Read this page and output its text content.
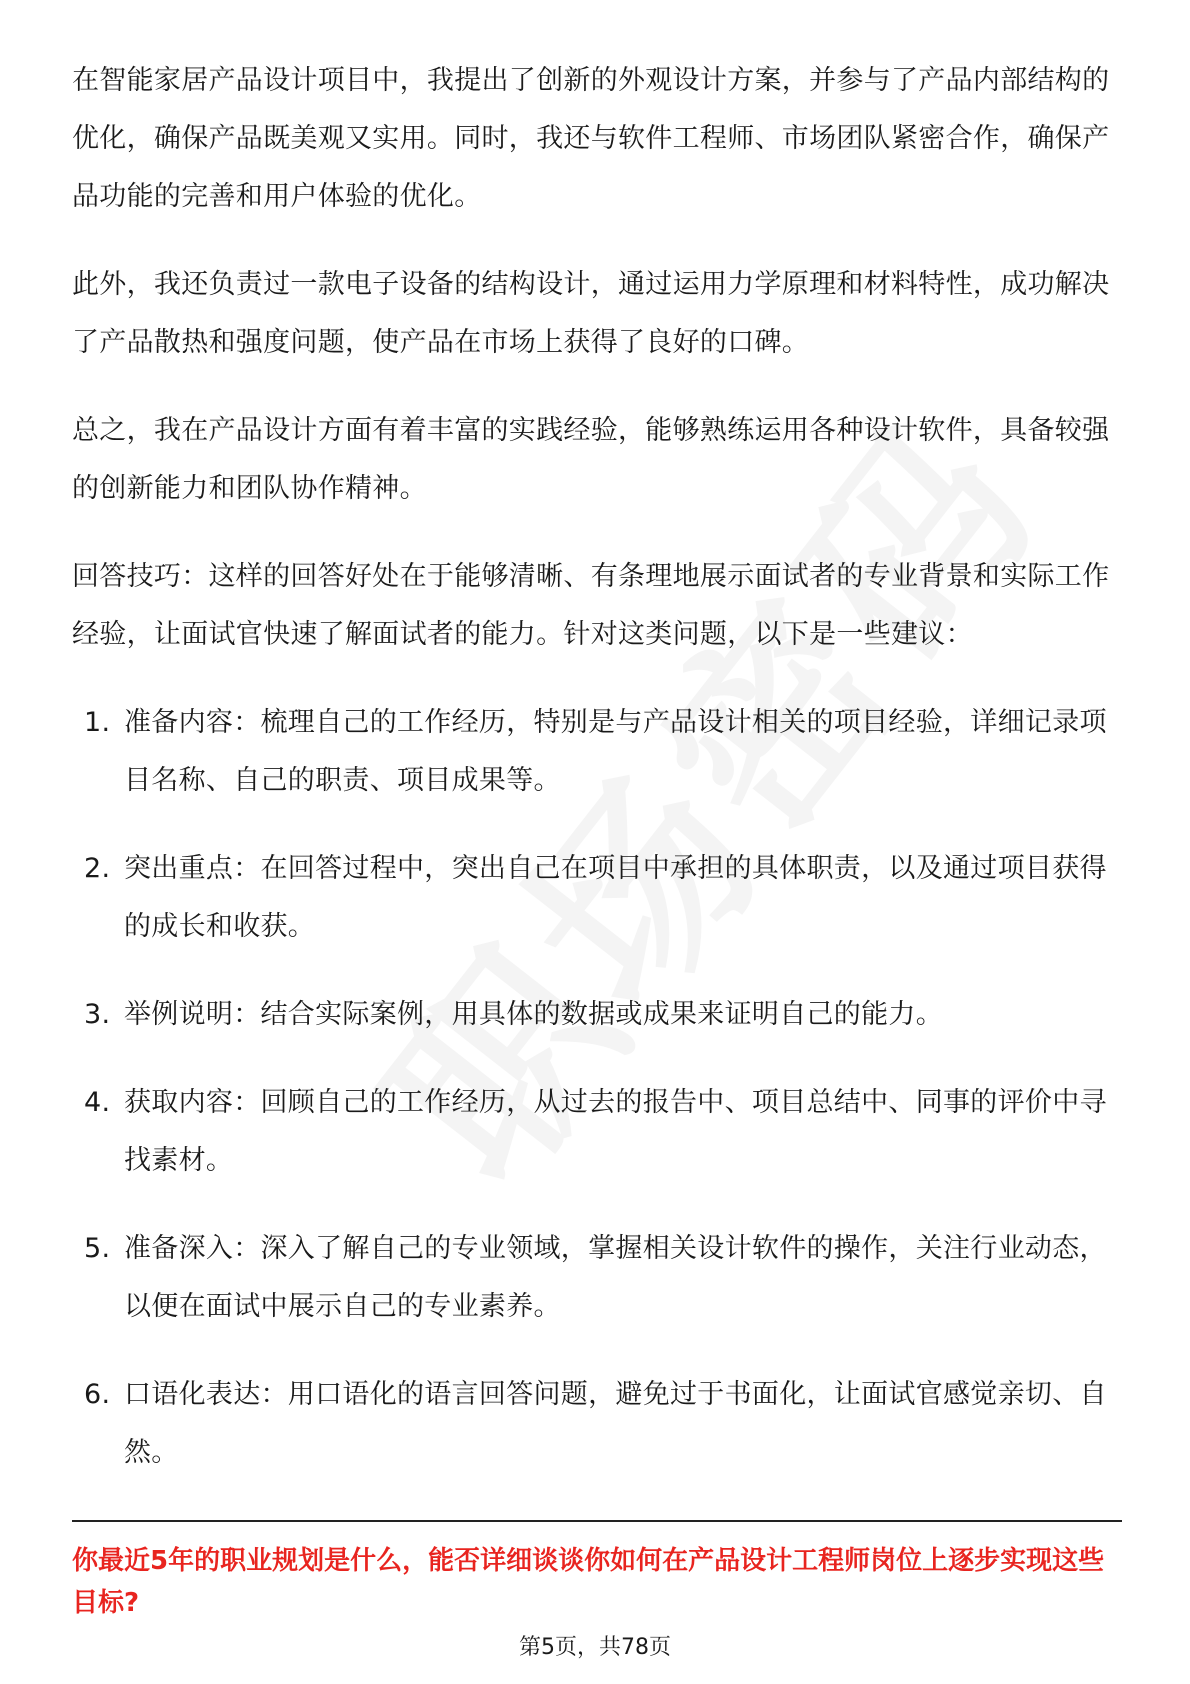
在智能家居产品设计项目中，我提出了创新的外观设计方案，并参与了产品内部结构的优化，确保产品既美观又实用。同时，我还与软件工程师、市场团队紧密合作，确保产品功能的完善和用户体验的优化。

此外，我还负责过一款电子设备的结构设计，通过运用力学原理和材料特性，成功解决了产品散热和强度问题，使产品在市场上获得了良好的口碑。

总之，我在产品设计方面有着丰富的实践经验，能够熟练运用各种设计软件，具备较强的创新能力和团队协作精神。

回答技巧：这样的回答好处在于能够清晰、有条理地展示面试者的专业背景和实际工作经验，让面试官快速了解面试者的能力。针对这类问题，以下是一些建议：

1. 准备内容：梳理自己的工作经历，特别是与产品设计相关的项目经验，详细记录项目名称、自己的职责、项目成果等。
2. 突出重点：在回答过程中，突出自己在项目中承担的具体职责，以及通过项目获得的成长和收获。
3. 举例说明：结合实际案例，用具体的数据或成果来证明自己的能力。
4. 获取内容：回顾自己的工作经历，从过去的报告中、项目总结中、同事的评价中寻找素材。
5. 准备深入：深入了解自己的专业领域，掌握相关设计软件的操作，关注行业动态，以便在面试中展示自己的专业素养。
6. 口语化表达：用口语化的语言回答问题，避免过于书面化，让面试官感觉亲切、自然。

你最近5年的职业规划是什么，能否详细谈谈你如何在产品设计工程师岗位上逐步实现这些目标?

第5页，共78页
